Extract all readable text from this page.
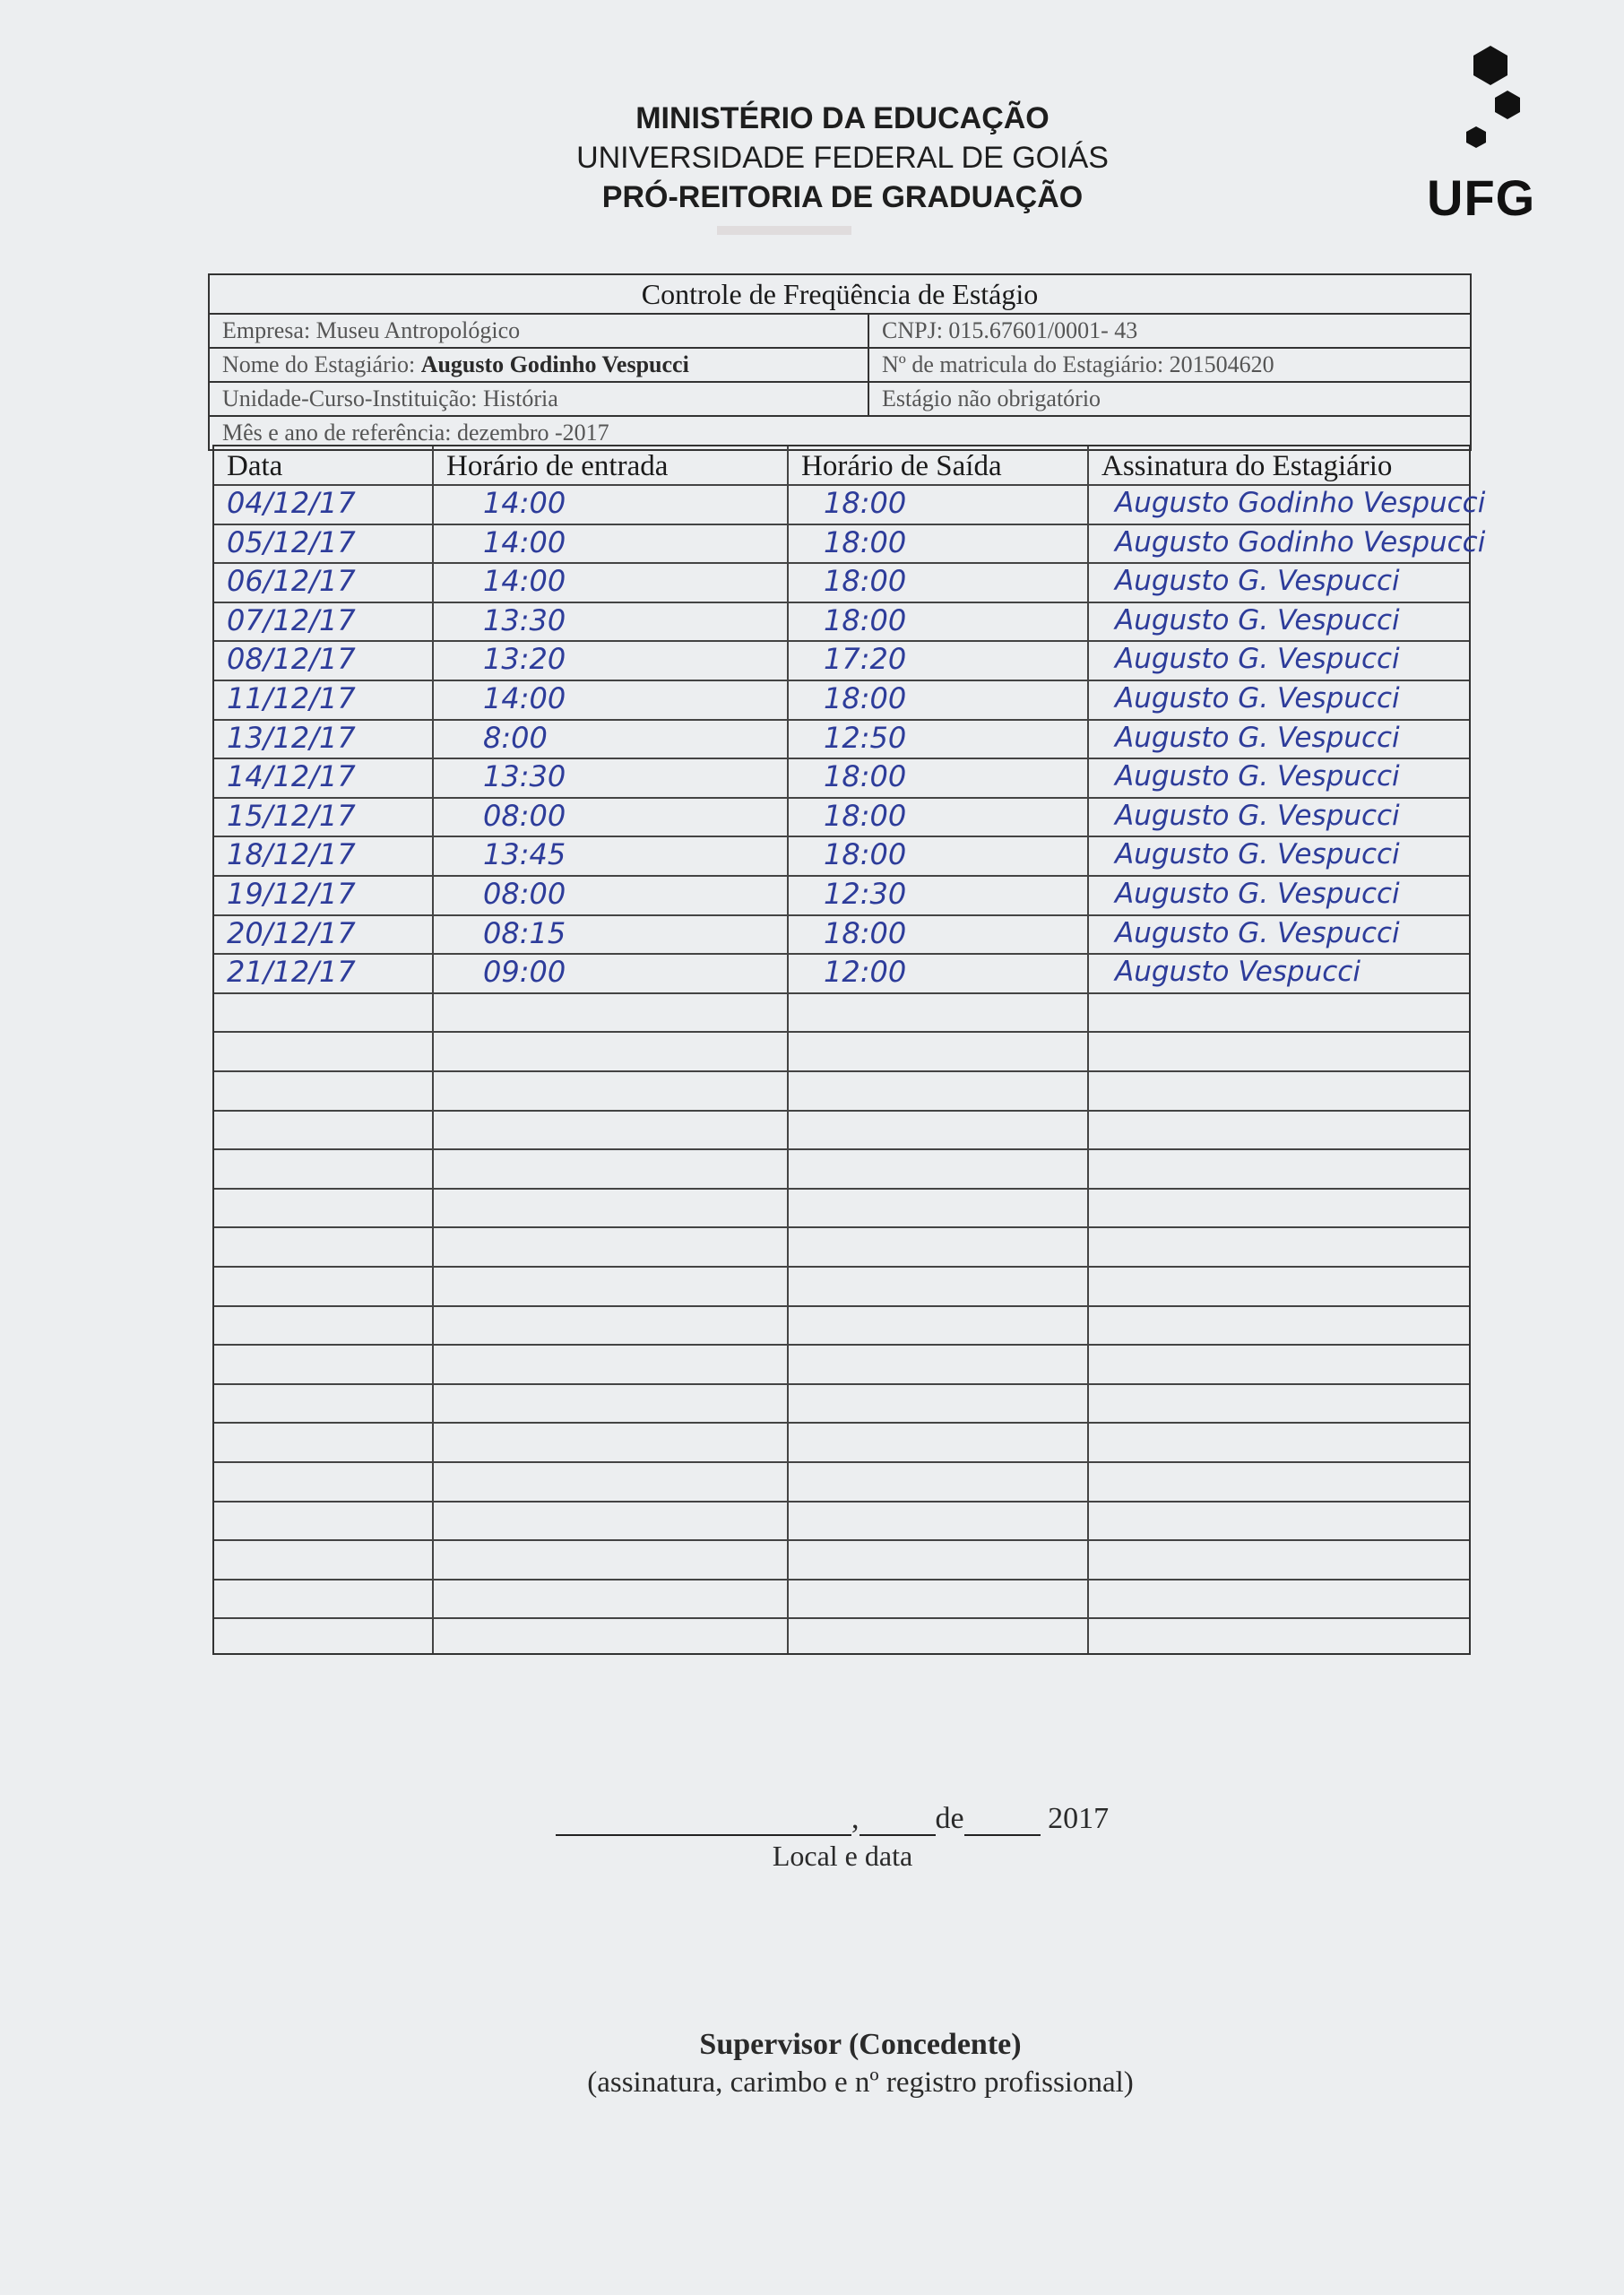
MINISTÉRIO DA EDUCAÇÃO
UNIVERSIDADE FEDERAL DE GOIÁS
PRÓ-REITORIA DE GRADUAÇÃO	UFG
Controle de Freqüência de Estágio
Empresa: Museu Antropológico	CNPJ: 015.67601/0001- 43
Nome do Estagiário: Augusto Godinho Vespucci	Nº de matricula do Estagiário: 201504620
Unidade-Curso-Instituição: História	Estágio não obrigatório
Mês e ano de referência: dezembro -2017
Data	Horário de entrada	Horário de Saída	Assinatura do Estagiário
04/12/17	14:00	18:00	Augusto Godinho Vespucci
05/12/17	14:00	18:00	Augusto Godinho Vespucci
06/12/17	14:00	18:00	Augusto G. Vespucci
07/12/17	13:30	18:00	Augusto G. Vespucci
08/12/17	13:20	17:20	Augusto G. Vespucci
11/12/17	14:00	18:00	Augusto G. Vespucci
13/12/17	8:00	12:50	Augusto G. Vespucci
14/12/17	13:30	18:00	Augusto G. Vespucci
15/12/17	08:00	18:00	Augusto G. Vespucci
18/12/17	13:45	18:00	Augusto G. Vespucci
19/12/17	08:00	12:30	Augusto G. Vespucci
20/12/17	08:15	18:00	Augusto G. Vespucci
21/12/17	09:00	12:00	Augusto Vespucci
,	de	2017
Local e data
Supervisor (Concedente)
(assinatura, carimbo e nº registro profissional)
